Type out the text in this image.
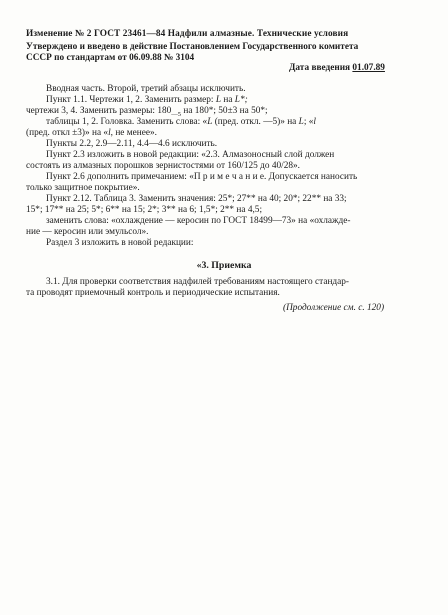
Изменение № 2 ГОСТ 23461—84 Надфили алмазные. Технические условия
Утверждено и введено в действие Постановлением Государственного комитета
СССР по стандартам от 06.09.88 № 3104
Дата введения 01.07.89
Вводная часть. Второй, третий абзацы исключить.
Пункт 1.1. Чертежи 1, 2. Заменить размер: L на L*;
чертежи 3, 4. Заменить размеры: $180_{—5}$ на 180*; 50±3 на 50*;
таблицы 1, 2. Головка. Заменить слова: «L (пред. откл. —5)» на L; «l
(пред. откл ±3)» на «l, не менее».
Пункты 2.2, 2.9—2.11, 4.4—4.6 исключить.
Пункт 2.3 изложить в новой редакции: «2.3. Алмазоносный слой должен
состоять из алмазных порошков зернистостями от 160/125 до 40/28».
Пункт 2.6 дополнить примечанием: «П р и м е ч а н и е. Допускается наносить
только защитное покрытие».
Пункт 2.12. Таблица 3. Заменить значения: 25*; 27** на 40; 20*; 22** на 33;
15*; 17** на 25; 5*; 6** на 15; 2*; 3** на 6; 1,5*; 2** на 4,5;
заменить слова: «охлаждение — керосин по ГОСТ 18499—73» на «охлажде-
ние — керосин или эмульсол».
Раздел 3 изложить в новой редакции:
«3. Приемка
3.1. Для проверки соответствия надфилей требованиям настоящего стандар-
та проводят приемочный контроль и периодические испытания.
(Продолжение см. с. 120)
